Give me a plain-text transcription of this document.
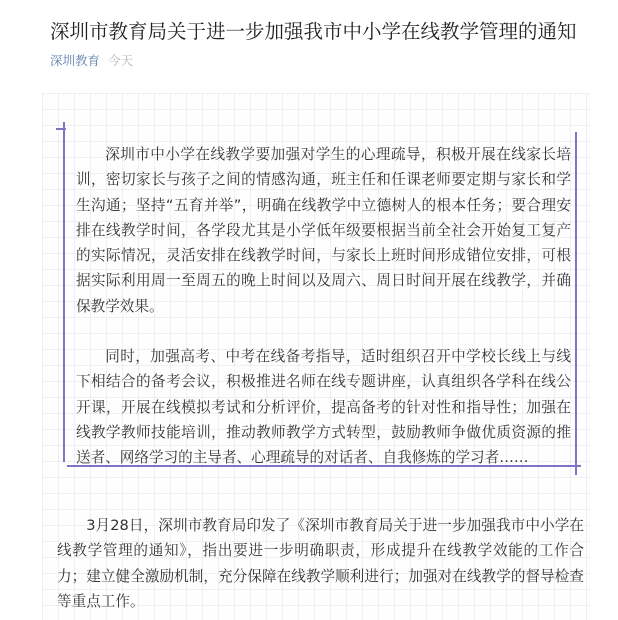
深圳市教育局关于进一步加强我市中小学在线教学管理的通知
深圳教育 今天

深圳市中小学在线教学要加强对学生的心理疏导，积极开展在线家长培训，密切家长与孩子之间的情感沟通，班主任和任课老师要定期与家长和学生沟通；坚持“五育并举”，明确在线教学中立德树人的根本任务；要合理安排在线教学时间，各学段尤其是小学低年级要根据当前全社会开始复工复产的实际情况，灵活安排在线教学时间，与家长上班时间形成错位安排，可根据实际利用周一至周五的晚上时间以及周六、周日时间开展在线教学，并确保教学效果。

同时，加强高考、中考在线备考指导，适时组织召开中学校长线上与线下相结合的备考会议，积极推进名师在线专题讲座，认真组织各学科在线公开课，开展在线模拟考试和分析评价，提高备考的针对性和指导性；加强在线教学教师技能培训，推动教师教学方式转型，鼓励教师争做优质资源的推送者、网络学习的主导者、心理疏导的对话者、自我修炼的学习者……

3月28日，深圳市教育局印发了《深圳市教育局关于进一步加强我市中小学在线教学管理的通知》，指出要进一步明确职责，形成提升在线教学效能的工作合力；建立健全激励机制，充分保障在线教学顺利进行；加强对在线教学的督导检查等重点工作。
